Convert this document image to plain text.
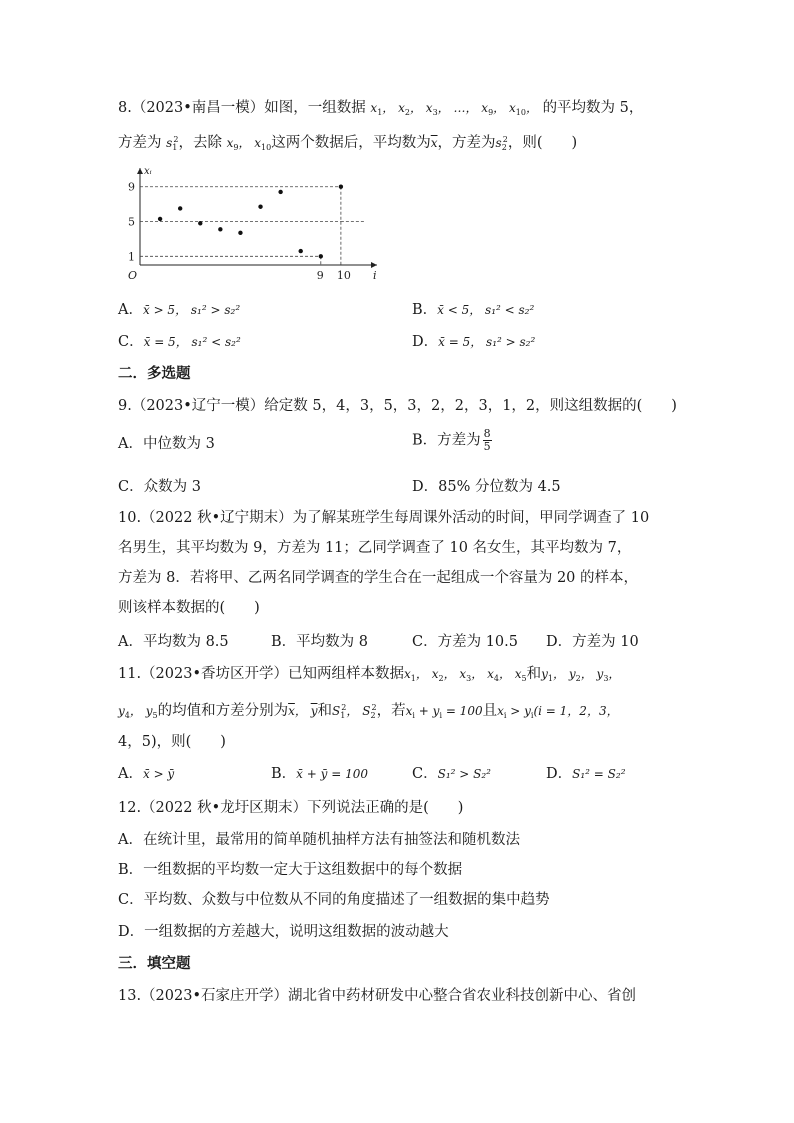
8.（2023•南昌一模）如图，一组数据 $x_1$， $x_2$， $x_3$， …， $x_9$， $x_{10}$， 的平均数为 5，
方差为 $s_1^2$，去除 $x_9$， $x_{10}$这两个数据后，平均数为$\overline{x}$，方差为$s_2^2$，则(　　)
1
5
9
9 10
O	i
xᵢ
A．x̄ > 5， s₁² > s₂²	B．x̄ < 5， s₁² < s₂²
C．x̄ = 5， s₁² < s₂²	D．x̄ = 5， s₁² > s₂²
二．多选题
9.（2023•辽宁一模）给定数 5，4，3，5，3，2，2，3，1，2，则这组数据的(　　)
A．中位数为 3	B．方差为 $\frac{8}{5}$
C．众数为 3	D．85% 分位数为 4.5
10.（2022 秋•辽宁期末）为了解某班学生每周课外活动的时间，甲同学调查了 10
名男生，其平均数为 9，方差为 11；乙同学调查了 10 名女生，其平均数为 7，
方差为 8．若将甲、乙两名同学调查的学生合在一起组成一个容量为 20 的样本，
则该样本数据的(　　)
A．平均数为 8.5	B．平均数为 8	C．方差为 10.5 D．方差为 10
11.（2023•香坊区开学）已知两组样本数据$x_1$， $x_2$， $x_3$， $x_4$， $x_5$和$y_1$， $y_2$， $y_3$，
$y_4$， $y_5$的均值和方差分别为$\overline{x}$， $\overline{y}$和$S_1^2$， $S_2^2$，若$x_i + y_i = 100$且$x_i > y_i(i = 1$，2，3，
4，5)，则(　　)
A．x̄ > ȳ	B．x̄ + ȳ = 100	C．S₁² > S₂²	D．S₁² = S₂²
12.（2022 秋•龙圩区期末）下列说法正确的是(　　)
A．在统计里，最常用的简单随机抽样方法有抽签法和随机数法
B．一组数据的平均数一定大于这组数据中的每个数据
C．平均数、众数与中位数从不同的角度描述了一组数据的集中趋势
D．一组数据的方差越大，说明这组数据的波动越大
三．填空题
13.（2023•石家庄开学）湖北省中药材研发中心整合省农业科技创新中心、省创
